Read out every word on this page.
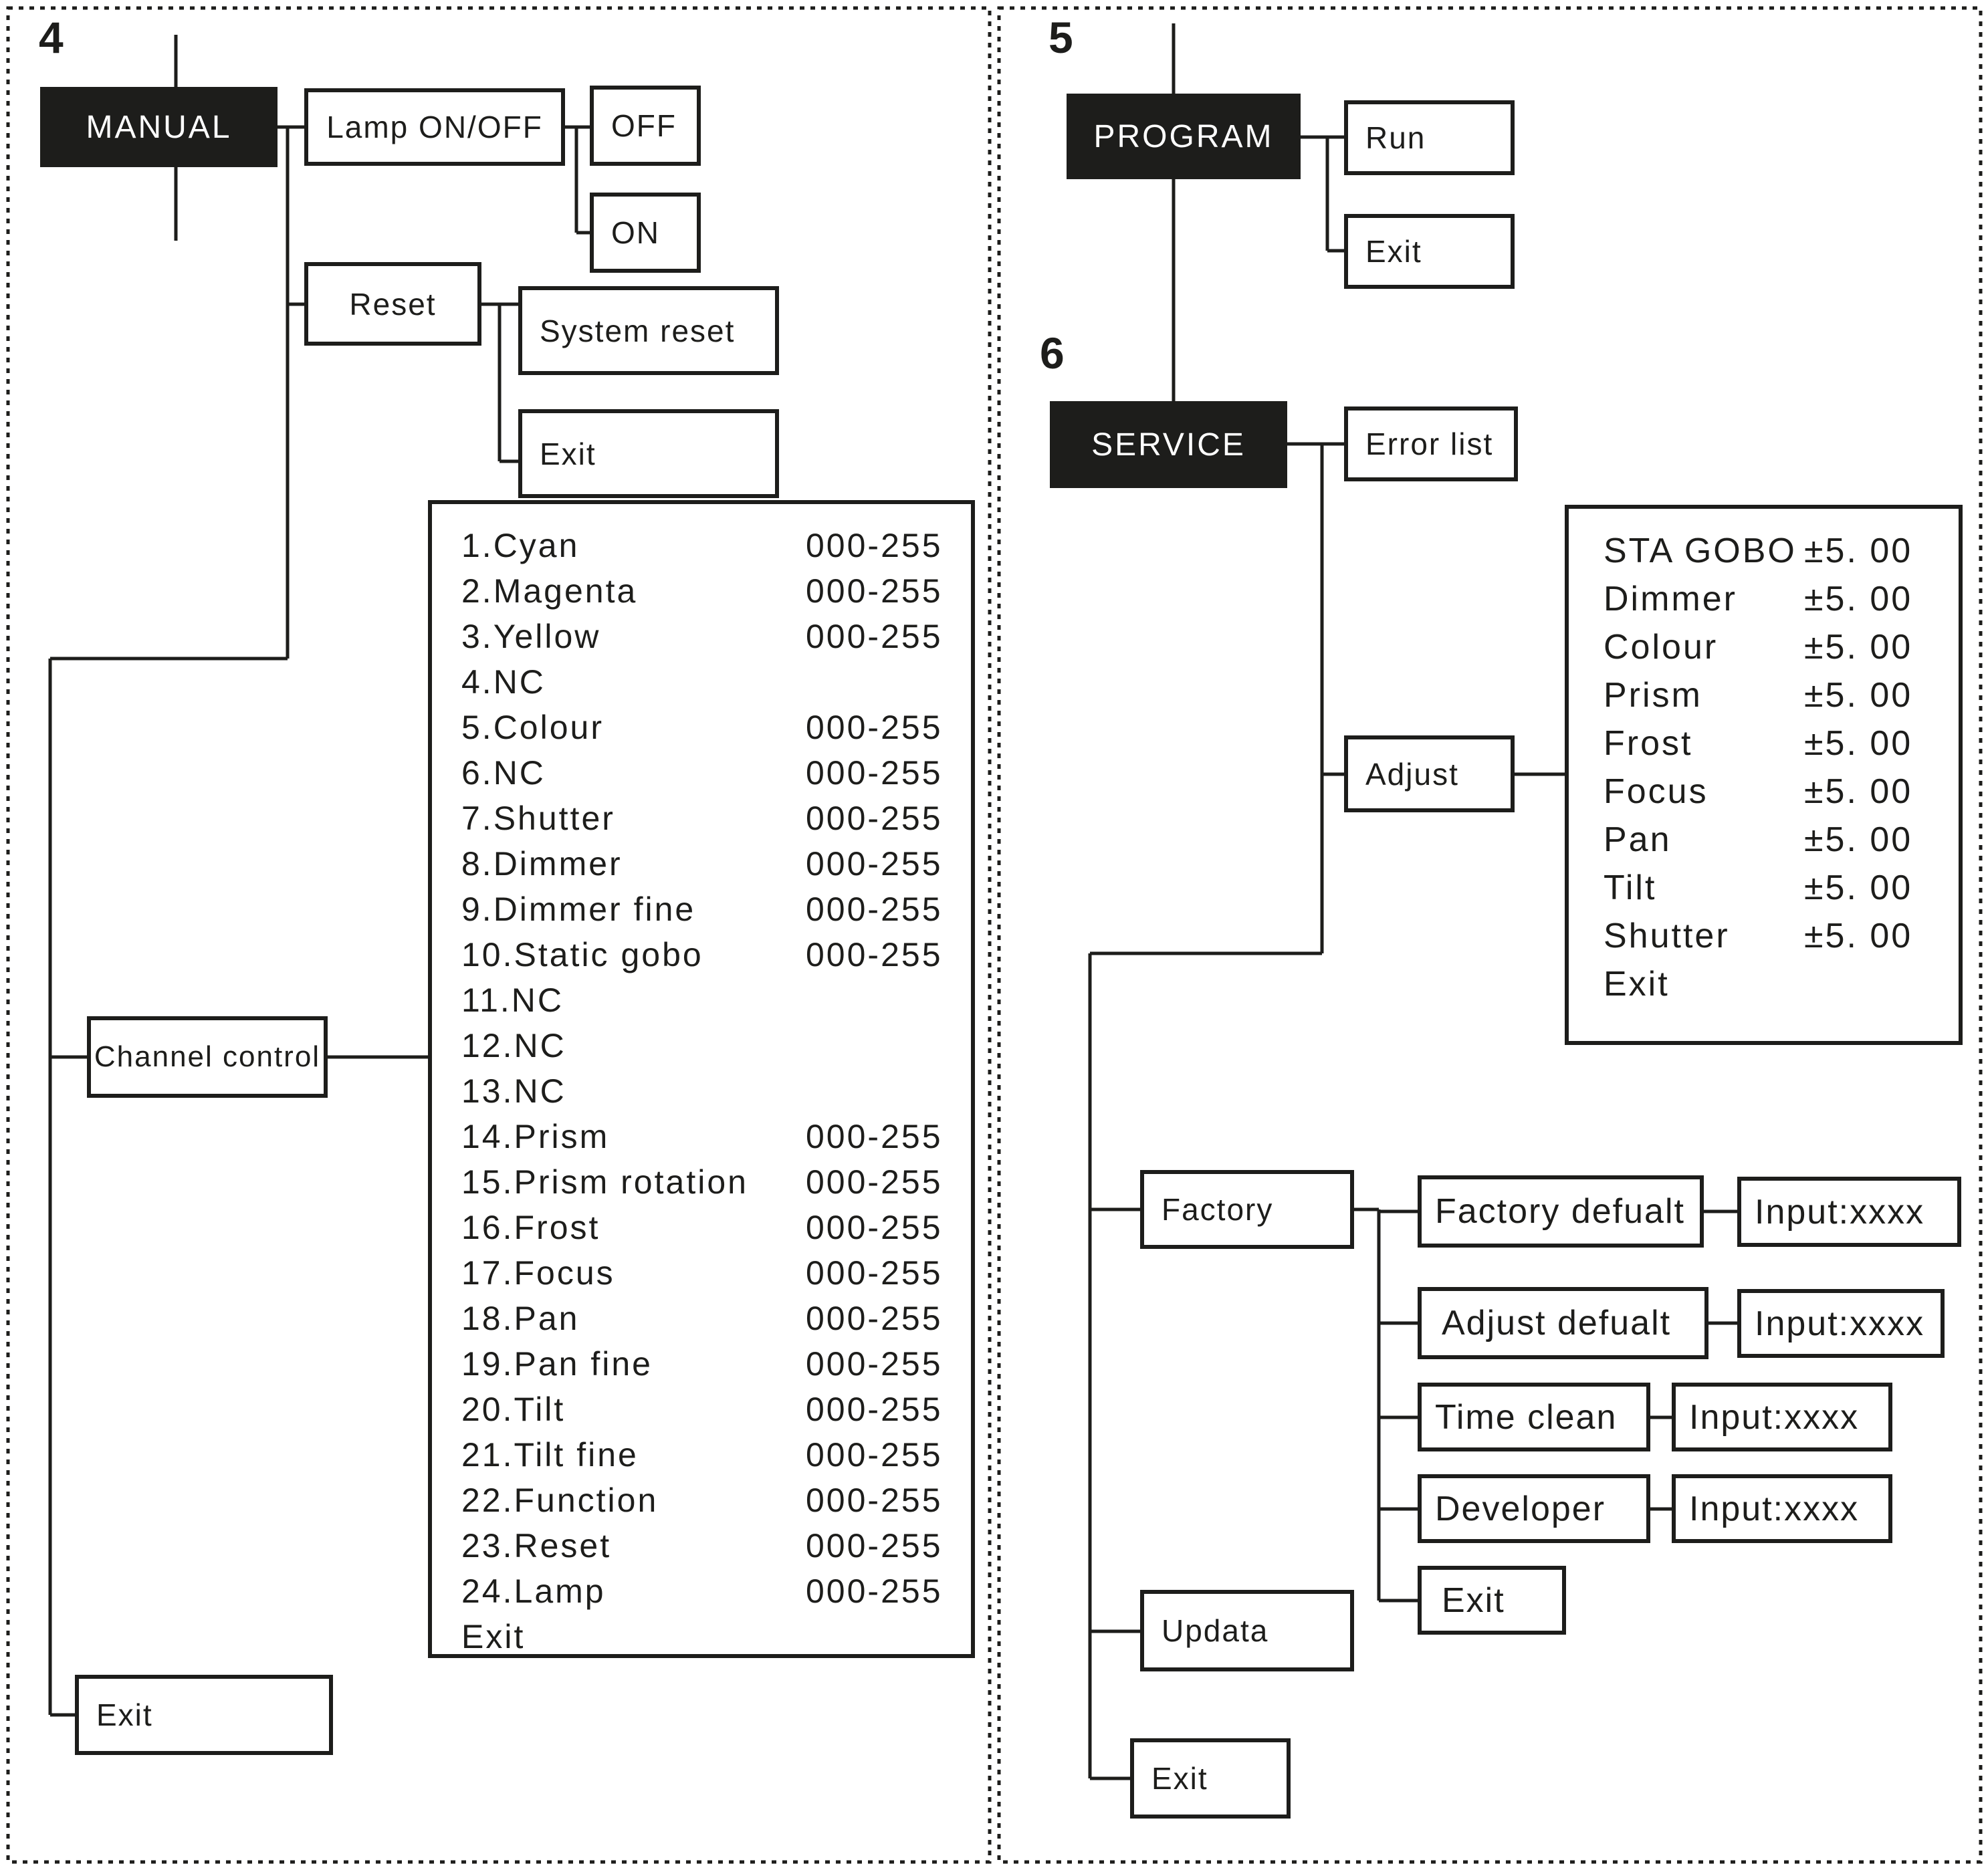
4
MANUAL	Lamp ON/OFF	OFF
ON
Reset
System reset
Exit
Channel control
1.Cyan	000-255
2.Magenta	000-255
3.Yellow	000-255
4.NC
5.Colour	000-255
6.NC	000-255
7.Shutter	000-255
8.Dimmer	000-255
9.Dimmer fine	000-255
10.Static gobo	000-255
11.NC
12.NC
13.NC
14.Prism	000-255
15.Prism rotation 000-255
16.Frost	000-255
17.Focus	000-255
18.Pan	000-255
19.Pan fine	000-255
20.Tilt	000-255
21.Tilt fine	000-255
22.Function	000-255
23.Reset	000-255
24.Lamp	000-255
Exit
Exit
5
PROGRAM	Run
Exit
6
SERVICE	Error list
Adjust
STA GOBO ±5. 00
Dimmer ±5. 00
Colour ±5. 00
Prism	±5. 00
Frost	±5. 00
Focus	±5. 00
Pan	±5. 00
Tilt	±5. 00
Shutter ±5. 00
Exit
Factory	Factory defualt	Input:xxxx
Adjust defualt	Input:xxxx
Time clean	Input:xxxx
Developer	Input:xxxx
Exit
Updata
Exit
